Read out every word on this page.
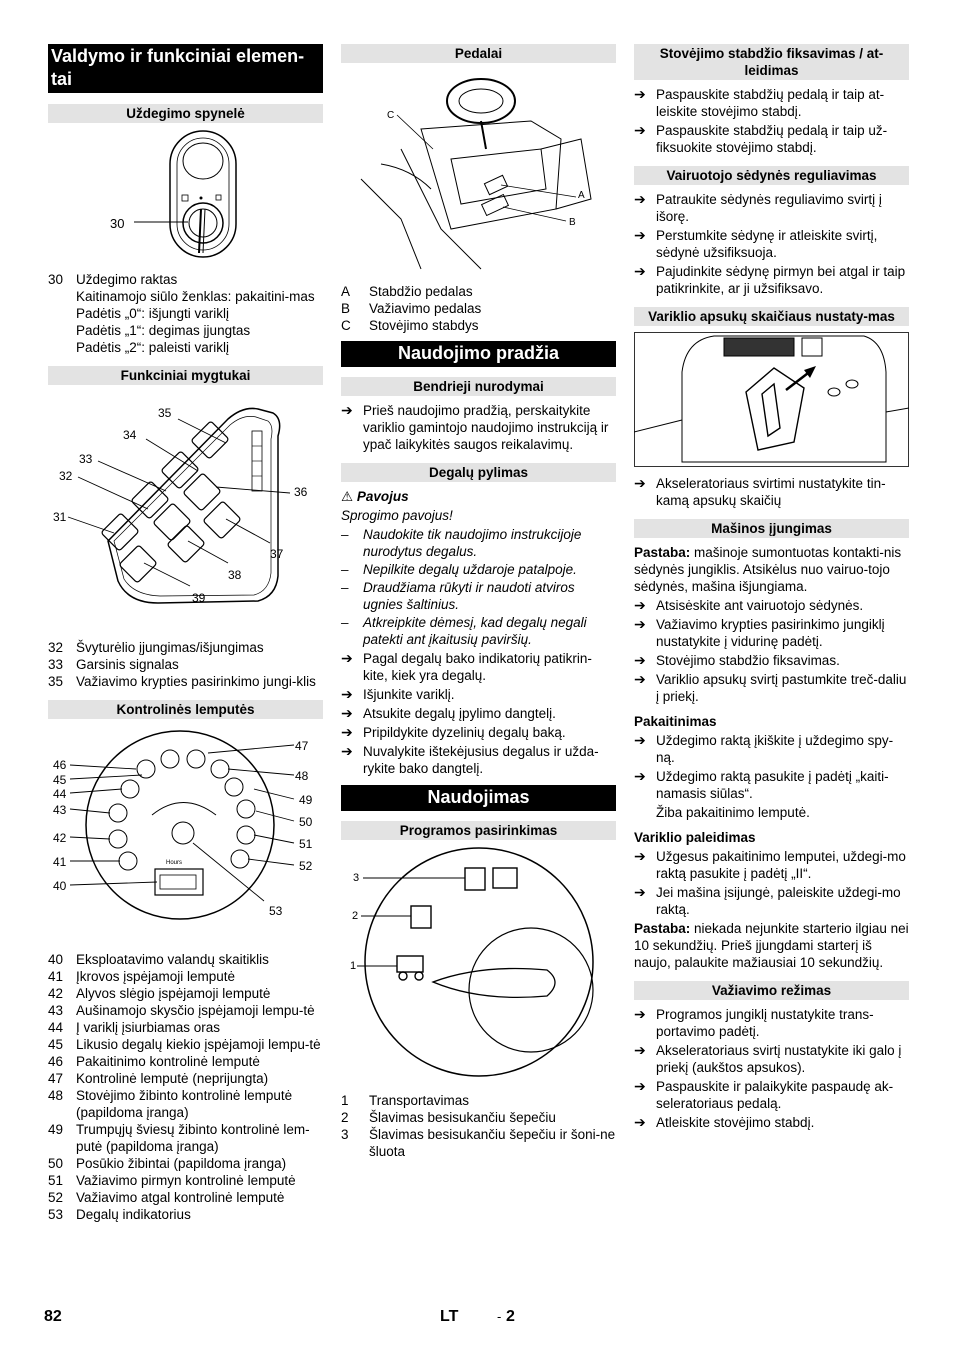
Valdymo ir funkciniai elemen-tai
Uždegimo spynelė
30
30 Uždegimo raktas
Kaitinamojo siūlo ženklas: pakaitini-mas
Padėtis „0“: išjungti variklį
Padėtis „1“: degimas įjungtas
Padėtis „2“: paleisti variklį
Funkciniai mygtukai
35
34
33
32
31
36
37
38
39
32 Švyturėlio įjungimas/išjungimas
33 Garsinis signalas
35 Važiavimo krypties pasirinkimo jungi-klis
Kontrolinės lemputės
Hours
46
45
44
43
42
41
40
47
48
49
50
51
52
53
40 Eksploatavimo valandų skaitiklis
41 Įkrovos įspėjamoji lemputė
42 Alyvos slėgio įspėjamoji lemputė
43 Aušinamojo skysčio įspėjamoji lempu-tė
44 Į variklį įsiurbiamas oras
45 Likusio degalų kiekio įspėjamoji lempu-tė
46 Pakaitinimo kontrolinė lemputė
47 Kontrolinė lemputė (neprijungta)
48 Stovėjimo žibinto kontrolinė lemputė (papildoma įranga)
49 Trumpųjų šviesų žibinto kontrolinė lem-putė (papildoma įranga)
50 Posūkio žibintai (papildoma įranga)
51 Važiavimo pirmyn kontrolinė lemputė
52 Važiavimo atgal kontrolinė lemputė
53 Degalų indikatorius
Pedalai
C
A
B
A	Stabdžio pedalas
B	Važiavimo pedalas
C	Stovėjimo stabdys
Naudojimo pradžia
Bendrieji nurodymai
➔ Prieš naudojimo pradžią, perskaitykite variklio gamintojo naudojimo instrukciją ir ypač laikykitės saugos reikalavimų.
Degalų pylimas
⚠ Pavojus
Sprogimo pavojus!
–	Naudokite tik naudojimo instrukcijoje nurodytus degalus.
–	Nepilkite degalų uždaroje patalpoje.
–	Draudžiama rūkyti ir naudoti atviros ugnies šaltinius.
–	Atkreipkite dėmesį, kad degalų negali patekti ant įkaitusių paviršių.
➔ Pagal degalų bako indikatorių patikrin-kite, kiek yra degalų.
➔ Išjunkite variklį.
➔ Atsukite degalų įpylimo dangtelį.
➔ Pripildykite dyzelinių degalų baką.
➔ Nuvalykite ištekėjusius degalus ir užda-rykite bako dangtelį.
Naudojimas
Programos pasirinkimas
3
2
1
1	Transportavimas
2	Šlavimas besisukančiu šepečiu
3	Šlavimas besisukančiu šepečiu ir šoni-ne šluota
Stovėjimo stabdžio fiksavimas / at-leidimas
➔ Paspauskite stabdžių pedalą ir taip at-leiskite stovėjimo stabdį.
➔ Paspauskite stabdžių pedalą ir taip už-fiksuokite stovėjimo stabdį.
Vairuotojo sėdynės reguliavimas
➔ Patraukite sėdynės reguliavimo svirtį į išorę.
➔ Perstumkite sėdynę ir atleiskite svirtį, sėdynė užsifiksuoja.
➔ Pajudinkite sėdynę pirmyn bei atgal ir taip patikrinkite, ar ji užsifiksavo.
Variklio apsukų skaičiaus nustaty-mas
➔ Akseleratoriaus svirtimi nustatykite tin-kamą apsukų skaičių
Mašinos įjungimas
Pastaba: mašinoje sumontuotas kontakti-nis sėdynės jungiklis. Atsikėlus nuo vairuo-tojo sėdynės, mašina išjungiama.
➔ Atsisėskite ant vairuotojo sėdynės.
➔ Važiavimo krypties pasirinkimo jungiklį nustatykite į vidurinę padėtį.
➔ Stovėjimo stabdžio fiksavimas.
➔ Variklio apsukų svirtį pastumkite treč-daliu į priekį.
Pakaitinimas
➔ Uždegimo raktą įkiškite į uždegimo spy-ną.
➔ Uždegimo raktą pasukite į padėtį „kaiti-namasis siūlas“.
Žiba pakaitinimo lemputė.
Variklio paleidimas
➔ Užgesus pakaitinimo lemputei, uždegi-mo raktą pasukite į padėtį „II“.
➔ Jei mašina įsijungė, paleiskite uždegi-mo raktą.
Pastaba: niekada nejunkite starterio ilgiau nei 10 sekundžių. Prieš įjungdami starterį iš naujo, palaukite mažiausiai 10 sekundžių.
Važiavimo režimas
➔ Programos jungiklį nustatykite trans-portavimo padėtį.
➔ Akseleratoriaus svirtį nustatykite iki galo į priekį (aukštos apsukos).
➔ Paspauskite ir palaikykite paspaudę ak-seleratoriaus pedalą.
➔ Atleiskite stovėjimo stabdį.
82	LT	- 2
